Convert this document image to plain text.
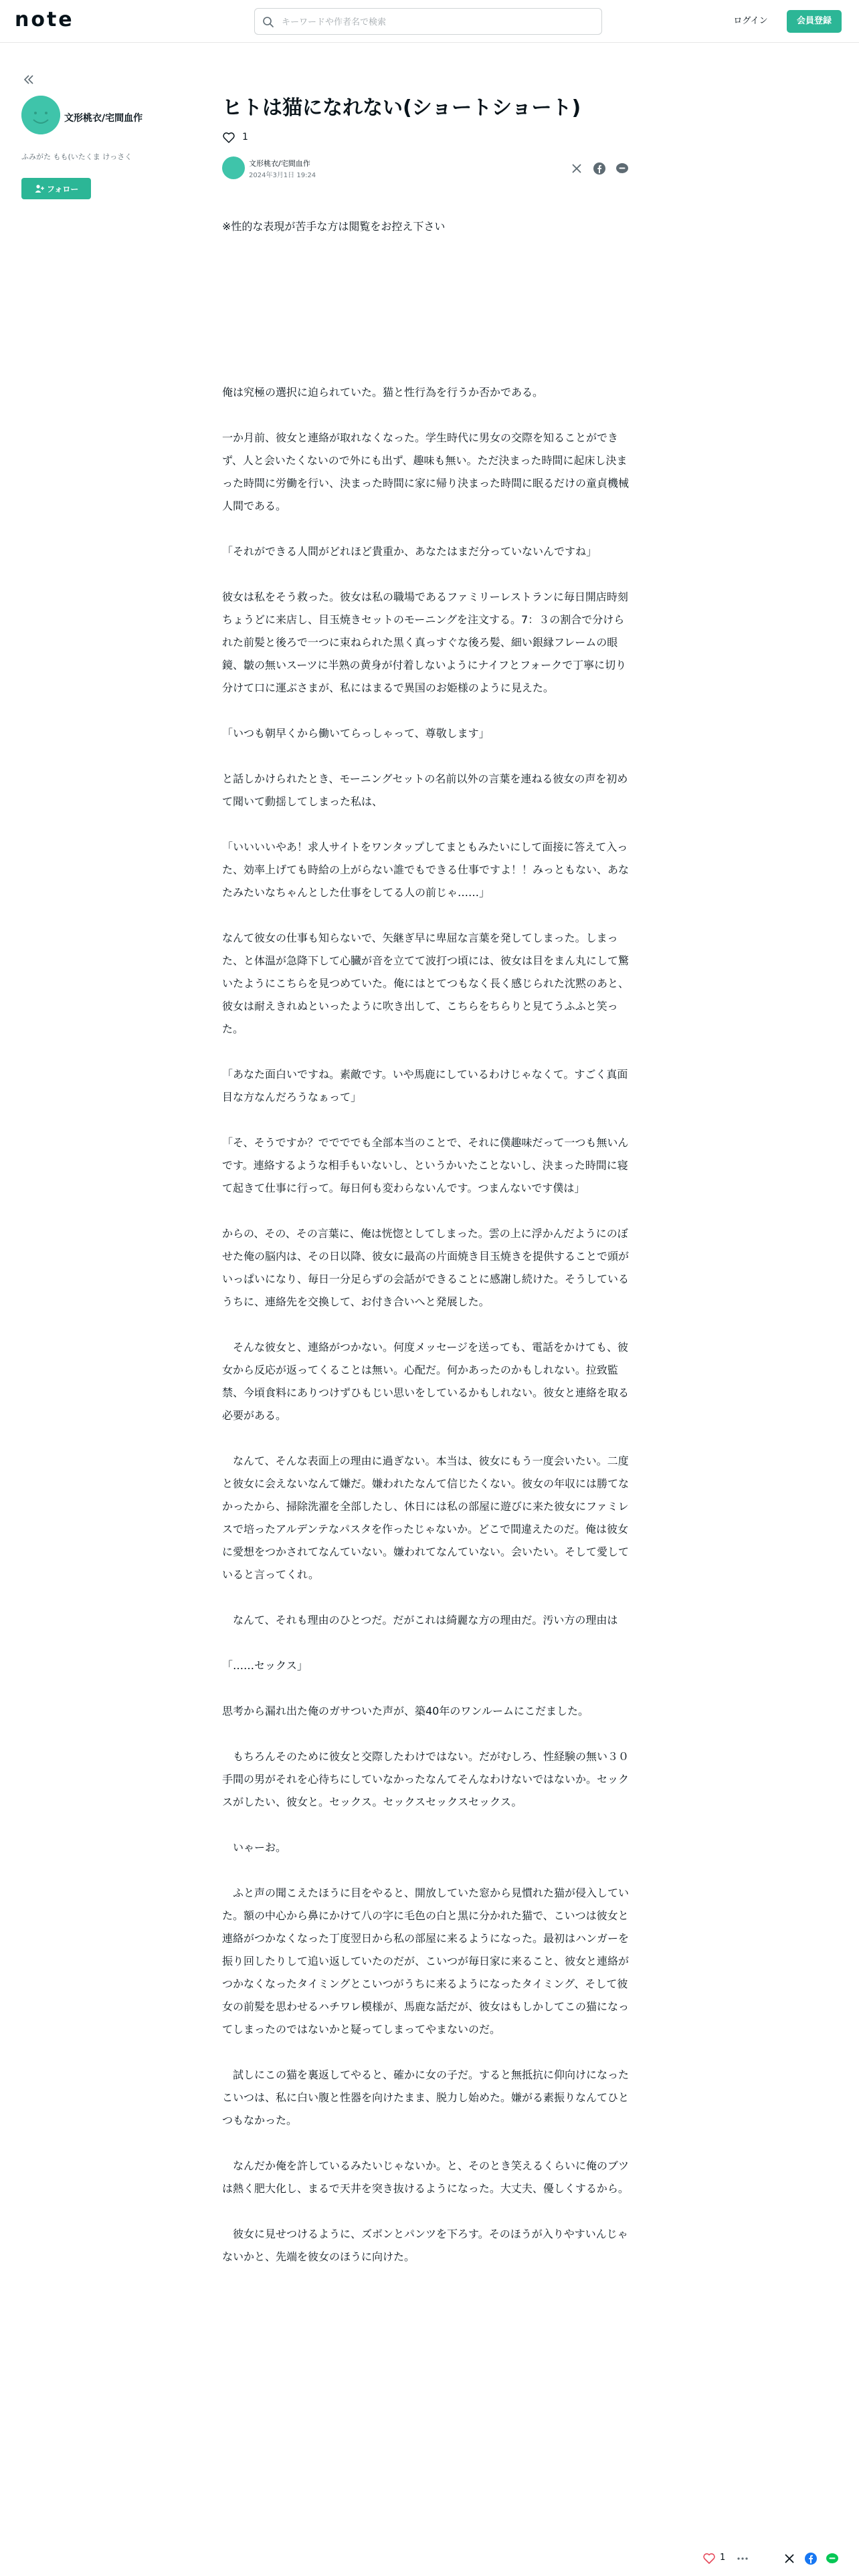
note
キーワードや作者名で検索	ログイン	会員登録
文形桃衣/宅間血作
ふみがた もも(いたくま けっさく
フォロー
ヒトは猫になれない(ショートショート)
1
文形桃衣/宅間血作
2024年3月1日 19:24

※性的な表現が苦手な方は閲覧をお控え下さい

俺は究極の選択に迫られていた。猫と性行為を行うか否かである。

一か月前、彼女と連絡が取れなくなった。学生時代に男女の交際を知ることができず、人と会いたくないので外にも出ず、趣味も無い。ただ決まった時間に起床し決まった時間に労働を行い、決まった時間に家に帰り決まった時間に眠るだけの童貞機械人間である。

「それができる人間がどれほど貴重か、あなたはまだ分っていないんですね」

彼女は私をそう救った。彼女は私の職場であるファミリーレストランに毎日開店時刻ちょうどに来店し、目玉焼きセットのモーニングを注文する。7：３の割合で分けられた前髪と後ろで一つに束ねられた黒く真っすぐな後ろ髪、細い銀縁フレームの眼鏡、皺の無いスーツに半熟の黄身が付着しないようにナイフとフォークで丁寧に切り分けて口に運ぶさまが、私にはまるで異国のお姫様のように見えた。

「いつも朝早くから働いてらっしゃって、尊敬します」

と話しかけられたとき、モーニングセットの名前以外の言葉を連ねる彼女の声を初めて聞いて動揺してしまった私は、

「いいいいやあ！求人サイトをワンタップしてまともみたいにして面接に答えて入った、効率上げても時給の上がらない誰でもできる仕事ですよ！！みっともない、あなたみたいなちゃんとした仕事をしてる人の前じゃ……」

なんて彼女の仕事も知らないで、矢継ぎ早に卑屈な言葉を発してしまった。しまった、と体温が急降下して心臓が音を立てて波打つ頃には、彼女は目をまん丸にして驚いたようにこちらを見つめていた。俺にはとてつもなく長く感じられた沈黙のあと、彼女は耐えきれぬといったように吹き出して、こちらをちらりと見てうふふと笑った。

「あなた面白いですね。素敵です。いや馬鹿にしているわけじゃなくて。すごく真面目な方なんだろうなぁって」

「そ、そうですか？ででででも全部本当のことで、それに僕趣味だって一つも無いんです。連絡するような相手もいないし、というかいたことないし、決まった時間に寝て起きて仕事に行って。毎日何も変わらないんです。つまんないです僕は」

からの、その、その言葉に、俺は恍惚としてしまった。雲の上に浮かんだようにのぼせた俺の脳内は、その日以降、彼女に最高の片面焼き目玉焼きを提供することで頭がいっぱいになり、毎日一分足らずの会話ができることに感謝し続けた。そうしているうちに、連絡先を交換して、お付き合いへと発展した。

　そんな彼女と、連絡がつかない。何度メッセージを送っても、電話をかけても、彼女から反応が返ってくることは無い。心配だ。何かあったのかもしれない。拉致監禁、今頃食料にありつけずひもじい思いをしているかもしれない。彼女と連絡を取る必要がある。

　なんて、そんな表面上の理由に過ぎない。本当は、彼女にもう一度会いたい。二度と彼女に会えないなんて嫌だ。嫌われたなんて信じたくない。彼女の年収には勝てなかったから、掃除洗濯を全部したし、休日には私の部屋に遊びに来た彼女にファミレスで培ったアルデンテなパスタを作ったじゃないか。どこで間違えたのだ。俺は彼女に愛想をつかされてなんていない。嫌われてなんていない。会いたい。そして愛していると言ってくれ。

　なんて、それも理由のひとつだ。だがこれは綺麗な方の理由だ。汚い方の理由は

「……セックス」

思考から漏れ出た俺のガサついた声が、築40年のワンルームにこだました。

　もちろんそのために彼女と交際したわけではない。だがむしろ、性経験の無い３０手間の男がそれを心待ちにしていなかったなんてそんなわけないではないか。セックスがしたい、彼女と。セックス。セックスセックスセックス。

　いゃーお。

　ふと声の聞こえたほうに目をやると、開放していた窓から見慣れた猫が侵入していた。額の中心から鼻にかけて八の字に毛色の白と黒に分かれた猫で、こいつは彼女と連絡がつかなくなった丁度翌日から私の部屋に来るようになった。最初はハンガーを振り回したりして追い返していたのだが、こいつが毎日家に来ること、彼女と連絡がつかなくなったタイミングとこいつがうちに来るようになったタイミング、そして彼女の前髪を思わせるハチワレ模様が、馬鹿な話だが、彼女はもしかしてこの猫になってしまったのではないかと疑ってしまってやまないのだ。

　試しにこの猫を裏返してやると、確かに女の子だ。すると無抵抗に仰向けになったこいつは、私に白い腹と性器を向けたまま、脱力し始めた。嫌がる素振りなんてひとつもなかった。

　なんだか俺を許しているみたいじゃないか。と、そのとき笑えるくらいに俺のブツは熱く肥大化し、まるで天井を突き抜けるようになった。大丈夫、優しくするから。

　彼女に見せつけるように、ズボンとパンツを下ろす。そのほうが入りやすいんじゃないかと、先端を彼女のほうに向けた。

1
